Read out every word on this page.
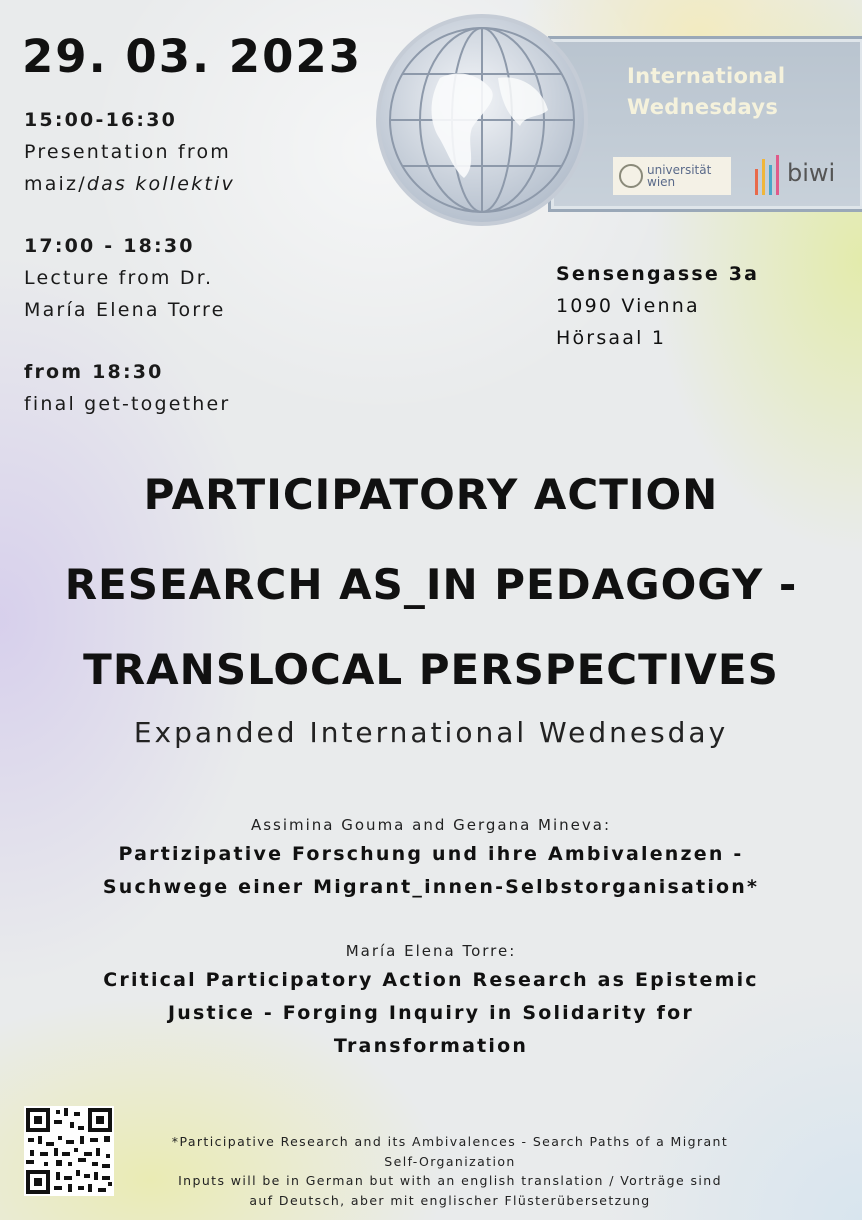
29. 03. 2023
15:00-16:30
Presentation from
maiz/das kollektiv
17:00 - 18:30
Lecture from Dr.
María Elena Torre
from 18:30
final get-together
Sensengasse 3a
1090 Vienna
Hörsaal 1
International
Wednesdays
universität
wien	biwi
PARTICIPATORY ACTION
RESEARCH AS_IN PEDAGOGY -
TRANSLOCAL PERSPECTIVES
Expanded International Wednesday
Assimina Gouma and Gergana Mineva:
Partizipative Forschung und ihre Ambivalenzen -
Suchwege einer Migrant_innen-Selbstorganisation*
María Elena Torre:
Critical Participatory Action Research as Epistemic
Justice - Forging Inquiry in Solidarity for
Transformation
*Participative Research and its Ambivalences - Search Paths of a Migrant
Self-Organization
Inputs will be in German but with an english translation / Vorträge sind
auf Deutsch, aber mit englischer Flüsterübersetzung
